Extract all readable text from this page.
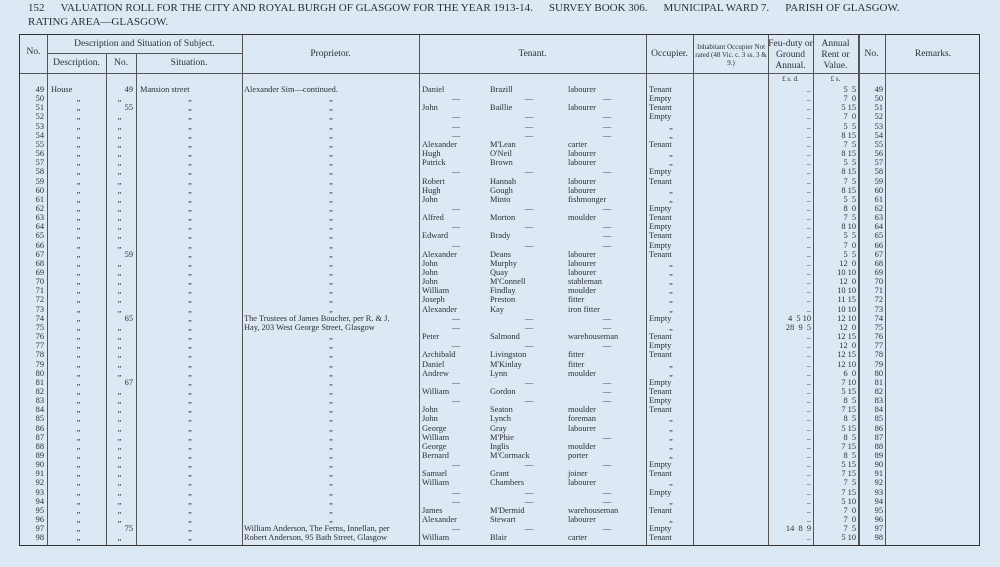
152 VALUATION ROLL FOR THE CITY AND ROYAL BURGH OF GLASGOW FOR THE YEAR 1913-14. SURVEY BOOK 306. MUNICIPAL WARD 7. PARISH OF GLASGOW.
RATING AREA—GLASGOW.
No.
Description and Situation of Subject.
Description.	No.	Situation.
Proprietor.	Tenant.	Occupier.
Inhabitant Occupier Not rated (48 Vic. c. 3 ss. 3 & 9.)
Feu-duty or Ground Annual.
Annual Rent or Value.
No.	Remarks.
£ s. d.	£ s.
49 House	49 Mansion street	Alexander Sim—continued.	Daniel	Brazill	labourer	Tenant	..	5  5	49
50	„	„	„	„	—	—	—	Empty	..	7  0	50
51	„	55	„	„	John	Baillie	labourer	Tenant	..	5 15	51
52	„	„	„	„	—	—	—	Empty	..	7  0	52
53	„	„	„	„	—	—	—	„	..	5  5	53
54	„	„	„	„	—	—	—	„	..	8 15	54
55	„	„	„	„	Alexander	M'Lean	carter	Tenant	..	7  5	55
56	„	„	„	„	Hugh	O'Neil	labourer	„	..	8 15	56
57	„	„	„	„	Patrick	Brown	labourer	„	..	5  5	57
58	„	„	„	„	—	—	—	Empty	..	8 15	58
59	„	„	„	„	Robert	Hannah	labourer	Tenant	..	7  5	59
60	„	„	„	„	Hugh	Gough	labourer	„	..	8 15	60
61	„	„	„	„	John	Minto	fishmonger	„	..	5  5	61
62	„	„	„	„	—	—	—	Empty	..	8  0	62
63	„	„	„	„	Alfred	Morton	moulder	Tenant	..	7  5	63
64	„	„	„	„	—	—	—	Empty	..	8 10	64
65	„	„	„	„	Edward	Brady	—	Tenant	..	5  5	65
66	„	„	„	„	—	—	—	Empty	..	7  0	66
67	„	59	„	„	Alexander	Deans	labourer	Tenant	..	5  5	67
68	„	„	„	„	John	Murphy	labourer	„	..	12  0	68
69	„	„	„	„	John	Quay	labourer	„	..	10 10	69
70	„	„	„	„	John	M'Connell	stableman	„	..	12  0	70
71	„	„	„	„	William	Findlay	moulder	„	..	10 10	71
72	„	„	„	„	Joseph	Preston	fitter	„	..	11 15	72
73	„	„	„	„	Alexander	Kay	iron fitter	„	..	10 10	73
74	„	65	„	The Trustees of James Boucher, per R. & J.	—	—	—	Empty	4  5 10	12 10	74
75	„	„	„	Hay, 203 West George Street, Glasgow	—	—	—	„	28  9  5	12  0	75
76	„	„	„	„	Peter	Salmond	warehouseman	Tenant	..	12 15	76
77	„	„	„	„	—	—	—	Empty	..	12  0	77
78	„	„	„	„	Archibald	Livingston	fitter	Tenant	..	12 15	78
79	„	„	„	„	Daniel	M'Kinlay	fitter	„	..	12 10	79
80	„	„	„	„	Andrew	Lynn	moulder	„	..	6  0	80
81	„	67	„	„	—	—	—	Empty	..	7 10	81
82	„	„	„	„	William	Gordon	—	Tenant	..	5 15	82
83	„	„	„	„	—	—	—	Empty	..	8  5	83
84	„	„	„	„	John	Seaton	moulder	Tenant	..	7 15	84
85	„	„	„	„	John	Lynch	foreman	„	..	8  5	85
86	„	„	„	„	George	Gray	labourer	„	..	5 15	86
87	„	„	„	„	William	M'Phie	—	„	..	8  5	87
88	„	„	„	„	George	Inglis	moulder	„	..	7 15	88
89	„	„	„	„	Bernard	M'Cormack	porter	„	..	8  5	89
90	„	„	„	„	—	—	—	Empty	..	5 15	90
91	„	„	„	„	Samuel	Grant	joiner	Tenant	..	7 15	91
92	„	„	„	„	William	Chambers	labourer	„	..	7  5	92
93	„	„	„	„	—	—	—	Empty	..	7 15	93
94	„	„	„	„	—	—	—	„	..	5 10	94
95	„	„	„	„	James	M'Dermid	warehouseman	Tenant	..	7  0	95
96	„	„	„	„	Alexander	Stewart	labourer	„	..	7  0	96
97	„	75	„	William Anderson, The Ferns, Innellan, per	—	—	—	Empty	14  8  9	7  5	97
98	„	„	„	Robert Anderson, 95 Bath Street, Glasgow	William	Blair	carter	Tenant	..	5 10	98
